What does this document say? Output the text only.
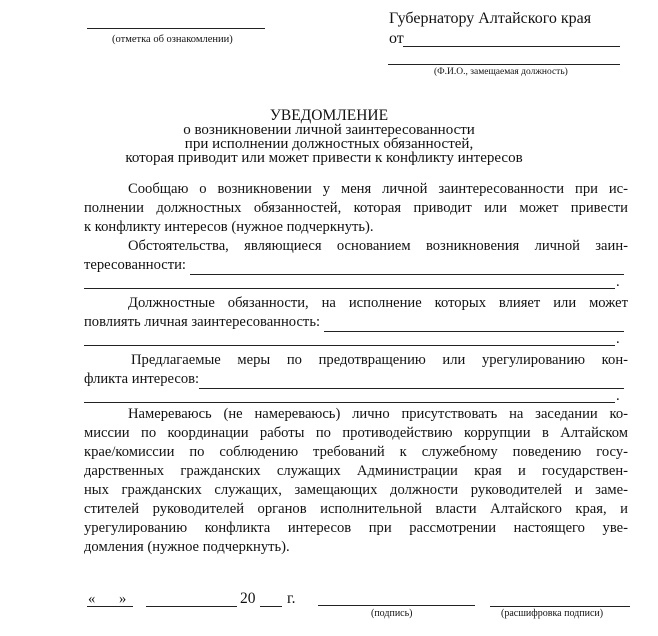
(отметка об ознакомлении)
Губернатору Алтайского края
от
(Ф.И.О., замещаемая должность)
УВЕДОМЛЕНИЕ
о возникновении личной заинтересованности
при исполнении должностных обязанностей,
которая приводит или может привести к конфликту интересов
Сообщаю о возникновении у меня личной заинтересованности при ис-
полнении должностных обязанностей, которая приводит или может привести
к конфликту интересов (нужное подчеркнуть).
Обстоятельства, являющиеся основанием возникновения личной заин-
тересованности:
.
Должностные обязанности, на исполнение которых влияет или может
повлиять личная заинтересованность:
.
Предлагаемые меры по предотвращению или урегулированию кон-
фликта интересов:
.
Намереваюсь (не намереваюсь) лично присутствовать на заседании ко-
миссии по координации работы по противодействию коррупции в Алтайском
крае/комиссии по соблюдению требований к служебному поведению госу-
дарственных гражданских служащих Администрации края и государствен-
ных гражданских служащих, замещающих должности руководителей и заме-
стителей руководителей органов исполнительной власти Алтайского края, и
урегулированию конфликта интересов при рассмотрении настоящего уве-
домления (нужное подчеркнуть).
« »	20 г.
(подпись)	(расшифровка подписи)
